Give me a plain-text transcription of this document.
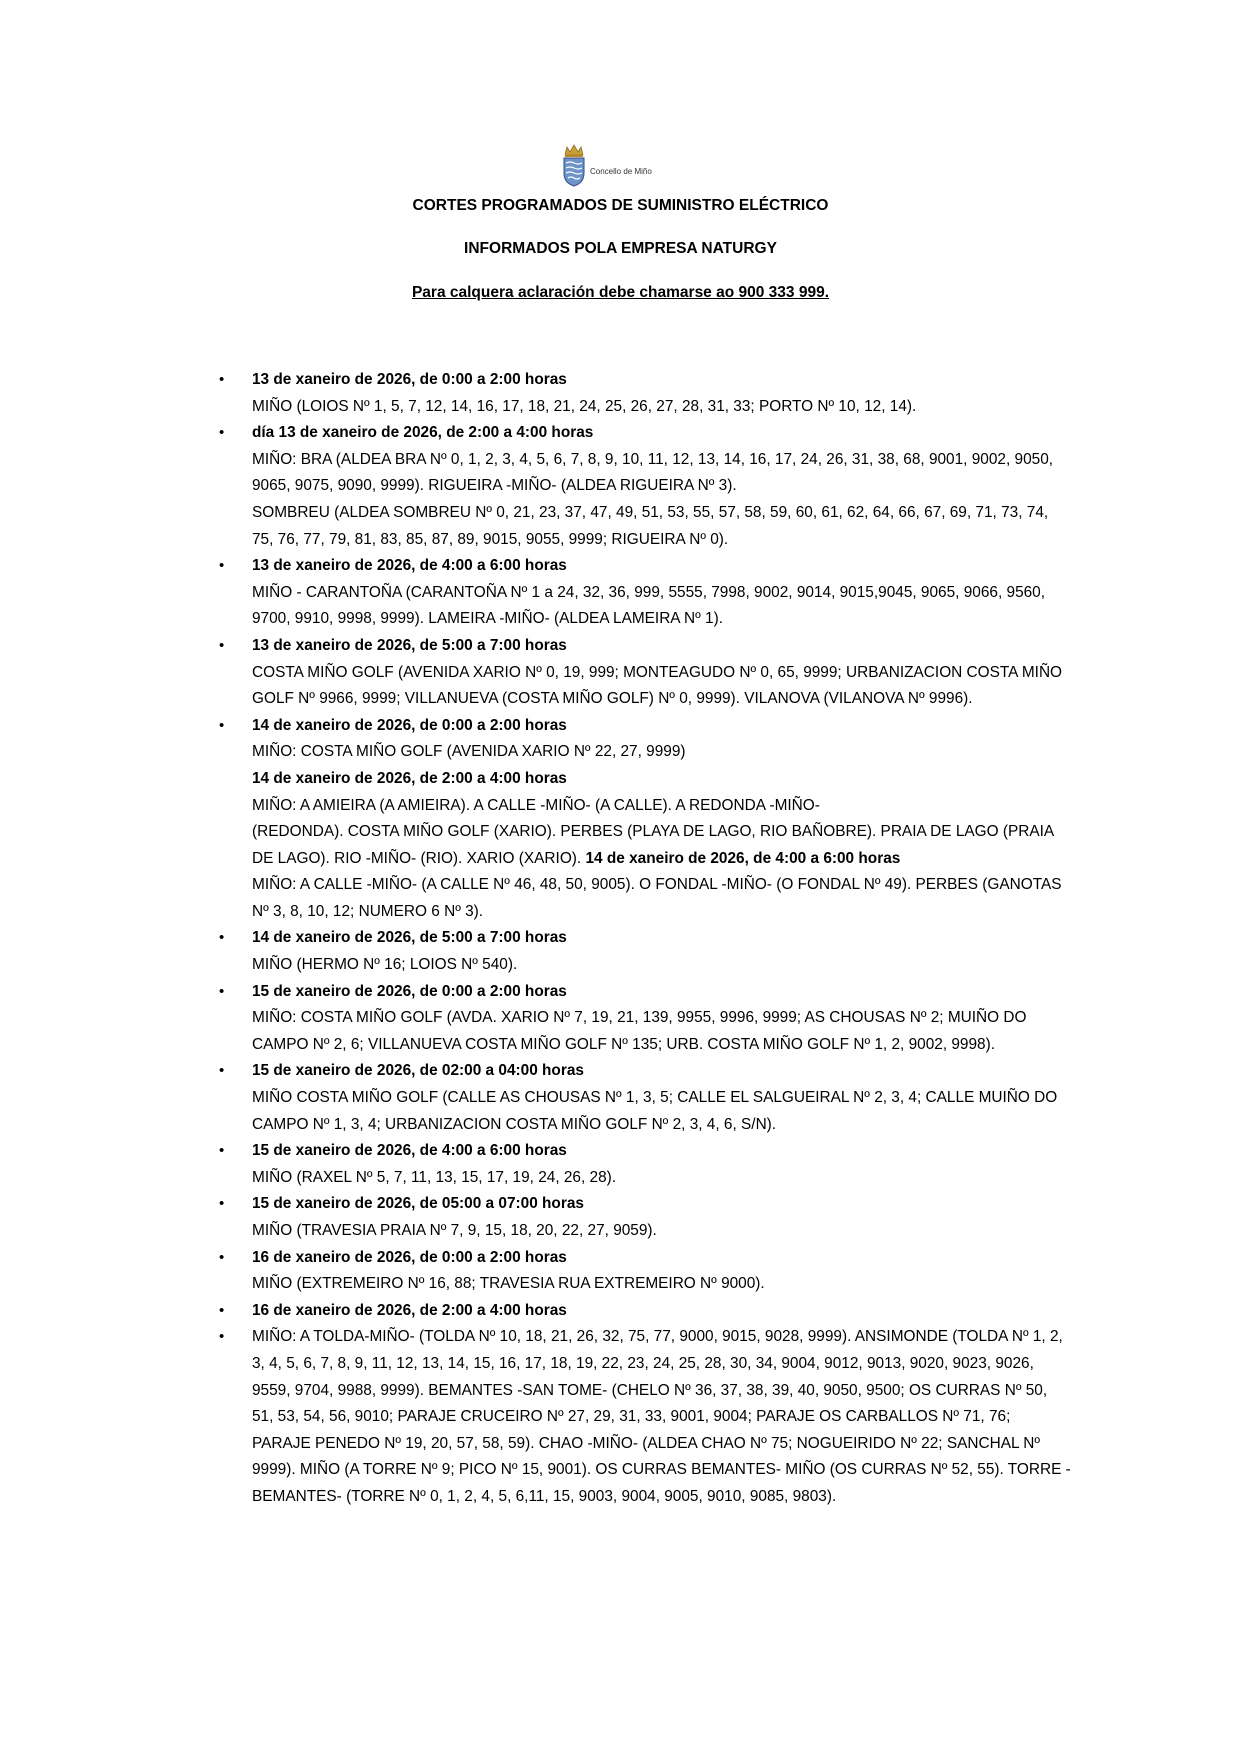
Concello de Miño
CORTES PROGRAMADOS DE SUMINISTRO ELÉCTRICO
INFORMADOS POLA EMPRESA NATURGY
Para calquera aclaración debe chamarse ao 900 333 999.
• 13 de xaneiro de 2026, de 0:00 a 2:00 horas
MIÑO (LOIOS Nº 1, 5, 7, 12, 14, 16, 17, 18, 21, 24, 25, 26, 27, 28, 31, 33; PORTO Nº 10, 12, 14).
• día 13 de xaneiro de 2026, de 2:00 a 4:00 horas
MIÑO: BRA (ALDEA BRA Nº 0, 1, 2, 3, 4, 5, 6, 7, 8, 9, 10, 11, 12, 13, 14, 16, 17, 24, 26, 31, 38, 68, 9001, 9002, 9050, 9065, 9075, 9090, 9999). RIGUEIRA -MIÑO- (ALDEA RIGUEIRA Nº 3).
SOMBREU (ALDEA SOMBREU Nº 0, 21, 23, 37, 47, 49, 51, 53, 55, 57, 58, 59, 60, 61, 62, 64, 66, 67, 69, 71, 73, 74, 75, 76, 77, 79, 81, 83, 85, 87, 89, 9015, 9055, 9999; RIGUEIRA Nº 0).
• 13 de xaneiro de 2026, de 4:00 a 6:00 horas
MIÑO - CARANTOÑA (CARANTOÑA Nº 1 a 24, 32, 36, 999, 5555, 7998, 9002, 9014, 9015,9045, 9065, 9066, 9560, 9700, 9910, 9998, 9999). LAMEIRA -MIÑO- (ALDEA LAMEIRA Nº 1).
• 13 de xaneiro de 2026, de 5:00 a 7:00 horas
COSTA MIÑO GOLF (AVENIDA XARIO Nº 0, 19, 999; MONTEAGUDO Nº 0, 65, 9999; URBANIZACION COSTA MIÑO GOLF Nº 9966, 9999; VILLANUEVA (COSTA MIÑO GOLF) Nº 0, 9999). VILANOVA (VILANOVA Nº 9996).
• 14 de xaneiro de 2026, de 0:00 a 2:00 horas
MIÑO: COSTA MIÑO GOLF (AVENIDA XARIO Nº 22, 27, 9999)
14 de xaneiro de 2026, de 2:00 a 4:00 horas
MIÑO: A AMIEIRA (A AMIEIRA). A CALLE -MIÑO- (A CALLE). A REDONDA -MIÑO-
(REDONDA). COSTA MIÑO GOLF (XARIO). PERBES (PLAYA DE LAGO, RIO BAÑOBRE). PRAIA DE LAGO (PRAIA DE LAGO). RIO -MIÑO- (RIO). XARIO (XARIO). 14 de xaneiro de 2026, de 4:00 a 6:00 horas
MIÑO: A CALLE -MIÑO- (A CALLE Nº 46, 48, 50, 9005). O FONDAL -MIÑO- (O FONDAL Nº 49). PERBES (GANOTAS Nº 3, 8, 10, 12; NUMERO 6 Nº 3).
• 14 de xaneiro de 2026, de 5:00 a 7:00 horas
MIÑO (HERMO Nº 16; LOIOS Nº 540).
• 15 de xaneiro de 2026, de 0:00 a 2:00 horas
MIÑO: COSTA MIÑO GOLF (AVDA. XARIO Nº 7, 19, 21, 139, 9955, 9996, 9999; AS CHOUSAS Nº 2; MUIÑO DO CAMPO Nº 2, 6; VILLANUEVA COSTA MIÑO GOLF Nº 135; URB. COSTA MIÑO GOLF Nº 1, 2, 9002, 9998).
• 15 de xaneiro de 2026, de 02:00 a 04:00 horas
MIÑO COSTA MIÑO GOLF (CALLE AS CHOUSAS Nº 1, 3, 5; CALLE EL SALGUEIRAL Nº 2, 3, 4; CALLE MUIÑO DO CAMPO Nº 1, 3, 4; URBANIZACION COSTA MIÑO GOLF Nº 2, 3, 4, 6, S/N).
• 15 de xaneiro de 2026, de 4:00 a 6:00 horas
MIÑO (RAXEL Nº 5, 7, 11, 13, 15, 17, 19, 24, 26, 28).
• 15 de xaneiro de 2026, de 05:00 a 07:00 horas
MIÑO (TRAVESIA PRAIA Nº 7, 9, 15, 18, 20, 22, 27, 9059).
• 16 de xaneiro de 2026, de 0:00 a 2:00 horas
MIÑO (EXTREMEIRO Nº 16, 88; TRAVESIA RUA EXTREMEIRO Nº 9000).
• 16 de xaneiro de 2026, de 2:00 a 4:00 horas
• MIÑO: A TOLDA-MIÑO- (TOLDA Nº 10, 18, 21, 26, 32, 75, 77, 9000, 9015, 9028, 9999). ANSIMONDE (TOLDA Nº 1, 2, 3, 4, 5, 6, 7, 8, 9, 11, 12, 13, 14, 15, 16, 17, 18, 19, 22, 23, 24, 25, 28, 30, 34, 9004, 9012, 9013, 9020, 9023, 9026, 9559, 9704, 9988, 9999). BEMANTES -SAN TOME- (CHELO Nº 36, 37, 38, 39, 40, 9050, 9500; OS CURRAS Nº 50, 51, 53, 54, 56, 9010; PARAJE CRUCEIRO Nº 27, 29, 31, 33, 9001, 9004; PARAJE OS CARBALLOS Nº 71, 76; PARAJE PENEDO Nº 19, 20, 57, 58, 59). CHAO -MIÑO- (ALDEA CHAO Nº 75; NOGUEIRIDO Nº 22; SANCHAL Nº 9999). MIÑO (A TORRE Nº 9; PICO Nº 15, 9001). OS CURRAS BEMANTES- MIÑO (OS CURRAS Nº 52, 55). TORRE -BEMANTES- (TORRE Nº 0, 1, 2, 4, 5, 6,11, 15, 9003, 9004, 9005, 9010, 9085, 9803).
